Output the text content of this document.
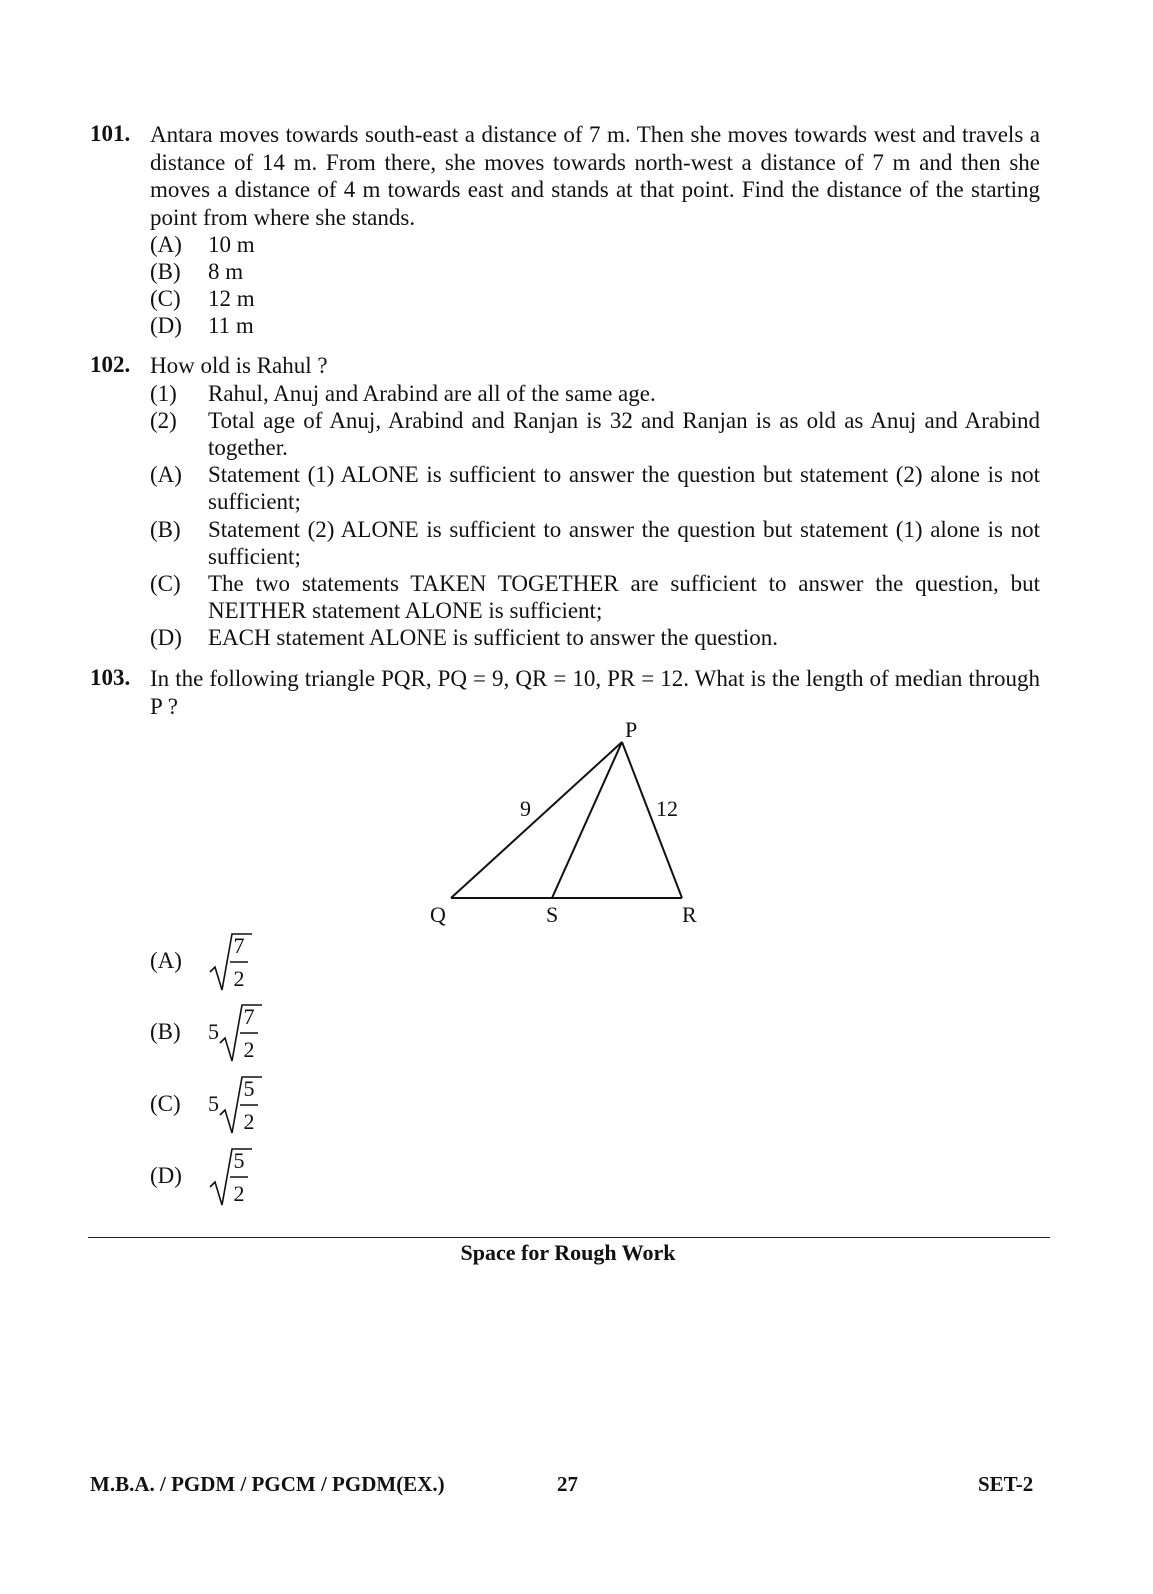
101. Antara moves towards south-east a distance of 7 m. Then she moves towards west and travels a distance of 14 m. From there, she moves towards north-west a distance of 7 m and then she moves a distance of 4 m towards east and stands at that point. Find the distance of the starting point from where she stands.
(A) 10 m
(B) 8 m
(C) 12 m
(D) 11 m
102. How old is Rahul ?
(1) Rahul, Anuj and Arabind are all of the same age.
(2) Total age of Anuj, Arabind and Ranjan is 32 and Ranjan is as old as Anuj and Arabind together.
(A) Statement (1) ALONE is sufficient to answer the question but statement (2) alone is not sufficient;
(B) Statement (2) ALONE is sufficient to answer the question but statement (1) alone is not sufficient;
(C) The two statements TAKEN TOGETHER are sufficient to answer the question, but NEITHER statement ALONE is sufficient;
(D) EACH statement ALONE is sufficient to answer the question.
103. In the following triangle PQR, PQ = 9, QR = 10, PR = 12. What is the length of median through P ?
P
Q	R
S
9	12
(A)
7
2
(B) 5
7
2
(C) 5
5
2
(D)
5
2
Space for Rough Work
M.B.A. / PGDM / PGCM / PGDM(EX.)	27	SET-2
